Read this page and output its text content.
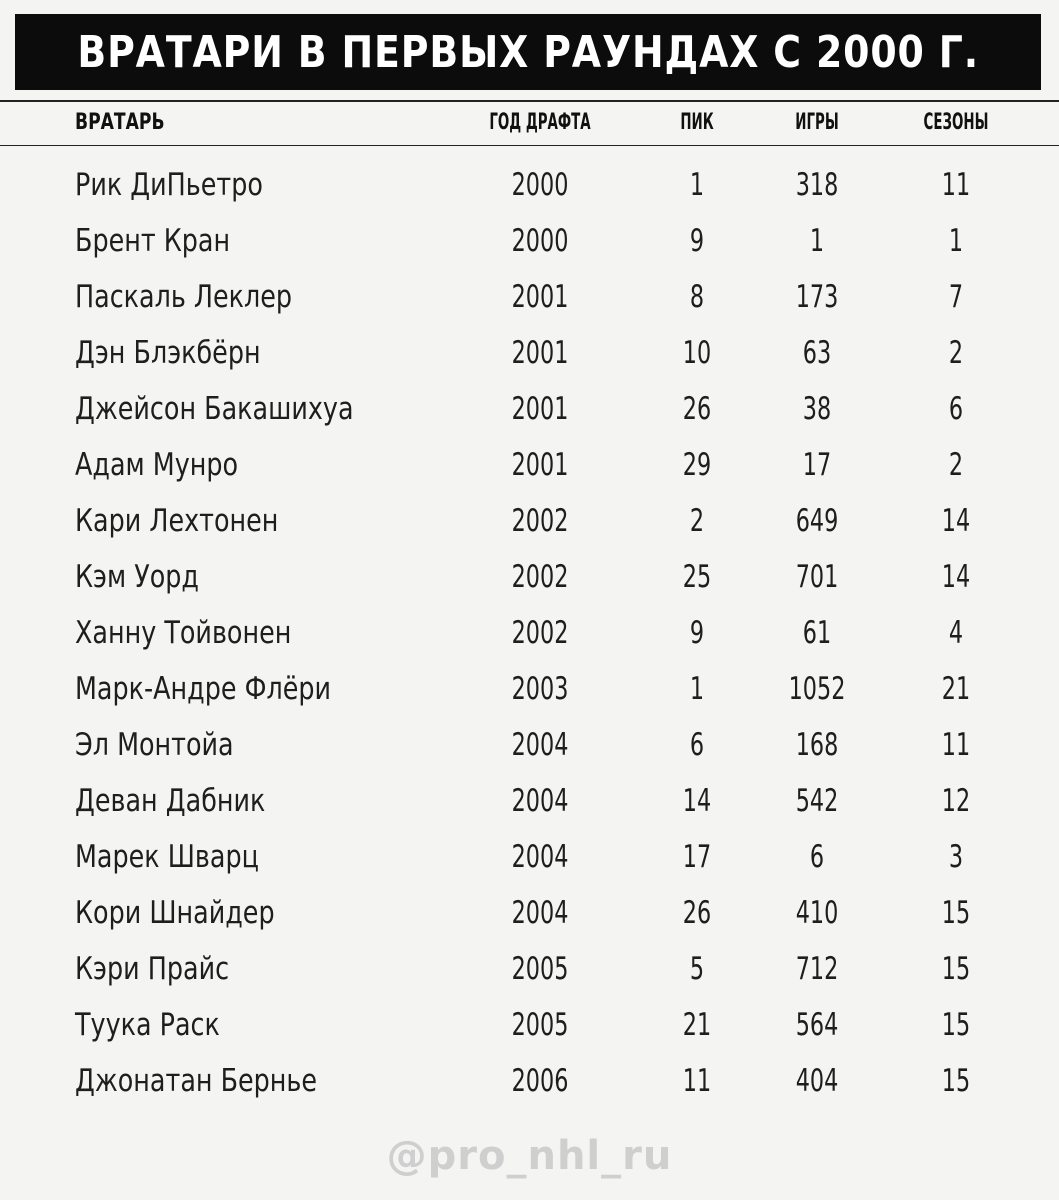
ВРАТАРИ В ПЕРВЫХ РАУНДАХ С 2000 Г.
ВРАТАРЬ	ГОД ДРАФТА	ПИК	ИГРЫ	СЕЗОНЫ
Рик ДиПьетро	2000	1	318	11
Брент Кран	2000	9	1	1
Паскаль Леклер	2001	8	173	7
Дэн Блэкбёрн	2001	10	63	2
Джейсон Бакашихуа	2001	26	38	6
Адам Мунро	2001	29	17	2
Кари Лехтонен	2002	2	649	14
Кэм Уорд	2002	25	701	14
Ханну Тойвонен	2002	9	61	4
Марк-Андре Флёри	2003	1	1052	21
Эл Монтойа	2004	6	168	11
Деван Дабник	2004	14	542	12
Марек Шварц	2004	17	6	3
Кори Шнайдер	2004	26	410	15
Кэри Прайс	2005	5	712	15
Туука Раск	2005	21	564	15
Джонатан Бернье	2006	11	404	15
@pro_nhl_ru
